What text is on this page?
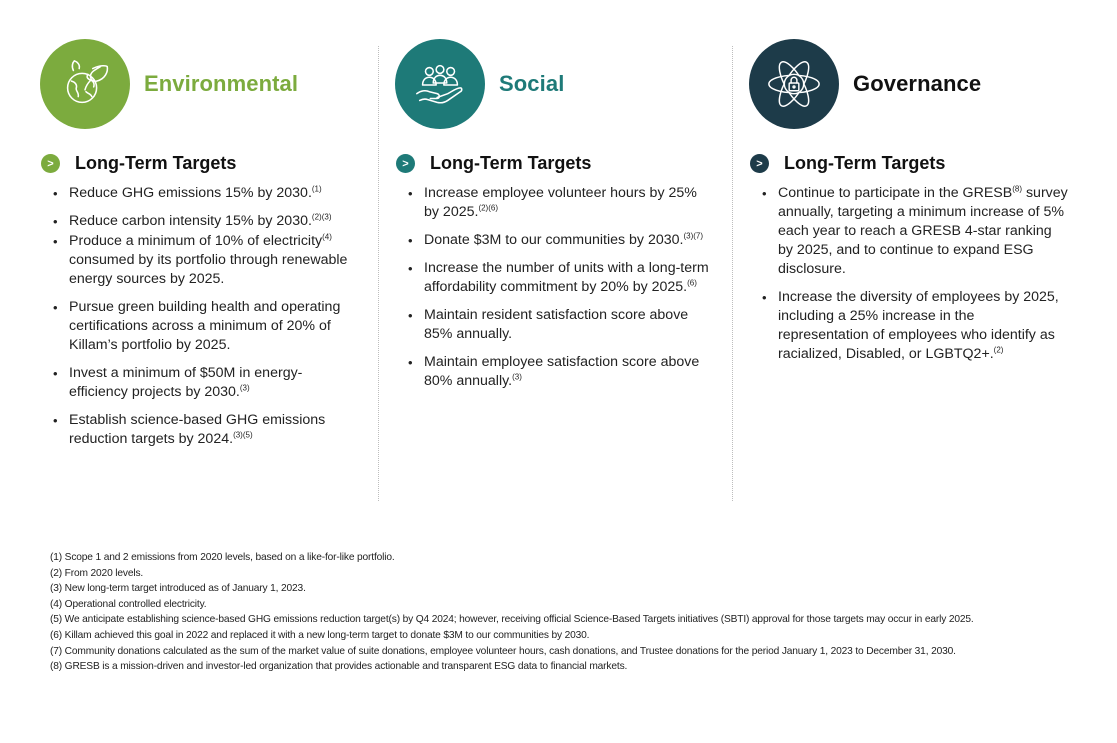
Environmental
>	Long-Term Targets
• Reduce GHG emissions 15% by 2030.$^{(1)}$
• Reduce carbon intensity 15% by 2030.$^{(2)(3)}$
• Produce a minimum of 10% of electricity$^{(4)}$ consumed by its portfolio through renewable energy sources by 2025.
• Pursue green building health and operating certifications across a minimum of 20% of Killam’s portfolio by 2025.
• Invest a minimum of $50M in energy-efficiency projects by 2030.$^{(3)}$
• Establish science-based GHG emissions reduction targets by 2024.$^{(3)(5)}$
Social
>	Long-Term Targets
• Increase employee volunteer hours by 25% by 2025.$^{(2)(6)}$
• Donate $3M to our communities by 2030.$^{(3)(7)}$
• Increase the number of units with a long-term affordability commitment by 20% by 2025.$^{(6)}$
• Maintain resident satisfaction score above 85% annually.
• Maintain employee satisfaction score above 80% annually.$^{(3)}$
Governance
>	Long-Term Targets
• Continue to participate in the GRESB$^{(8)}$ survey annually, targeting a minimum increase of 5% each year to reach a GRESB 4-star ranking by 2025, and to continue to expand ESG disclosure.
• Increase the diversity of employees by 2025, including a 25% increase in the representation of employees who identify as racialized, Disabled, or LGBTQ2+.$^{(2)}$
(1) Scope 1 and 2 emissions from 2020 levels, based on a like-for-like portfolio.
(2) From 2020 levels.
(3) New long-term target introduced as of January 1, 2023.
(4) Operational controlled electricity.
(5) We anticipate establishing science-based GHG emissions reduction target(s) by Q4 2024; however, receiving official Science-Based Targets initiatives (SBTI) approval for those targets may occur in early 2025.
(6) Killam achieved this goal in 2022 and replaced it with a new long-term target to donate $3M to our communities by 2030.
(7) Community donations calculated as the sum of the market value of suite donations, employee volunteer hours, cash donations, and Trustee donations for the period January 1, 2023 to December 31, 2030.
(8) GRESB is a mission-driven and investor-led organization that provides actionable and transparent ESG data to financial markets.
